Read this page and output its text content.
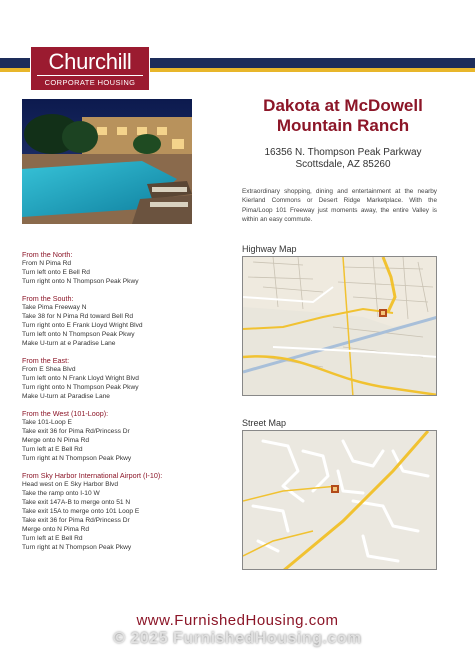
Churchill
CORPORATE HOUSING
Dakota at McDowell
Mountain Ranch
16356 N. Thompson Peak Parkway
Scottsdale, AZ 85260
Extraordinary shopping, dining and entertainment at the nearby Kierland Commons or Desert Ridge Marketplace. With the Pima/Loop 101 Freeway just moments away, the entire Valley is within an easy commute.
Highway Map
Street Map
From the North:
From N Pima Rd
Turn left onto E Bell Rd
Turn right onto N Thompson Peak Pkwy
From the South:
Take Pima Freeway N
Take 38 for N Pima Rd toward Bell Rd
Turn right onto E Frank Lloyd Wright Blvd
Turn left onto N Thompson Peak Pkwy
Make U-turn at e Paradise Lane
From the East:
From E Shea Blvd
Turn left onto N Frank Lloyd Wright Blvd
Turn right onto N Thompson Peak Pkwy
Make U-turn at Paradise Lane
From the West (101-Loop):
Take 101-Loop E
Take exit 36 for Pima Rd/Princess Dr
Merge onto N Pima Rd
Turn left at E Bell Rd
Turn right at N Thompson Peak Pkwy
From Sky Harbor International Airport (I-10):
Head west on E Sky Harbor Blvd
Take the ramp onto I-10 W
Take exit 147A-B to merge onto 51 N
Take exit 15A to merge onto 101 Loop E
Take exit 36 for Pima Rd/Princess Dr
Merge onto N Pima Rd
Turn left at E Bell Rd
Turn right at N Thompson Peak Pkwy
www.FurnishedHousing.com
© 2025 FurnishedHousing.com
